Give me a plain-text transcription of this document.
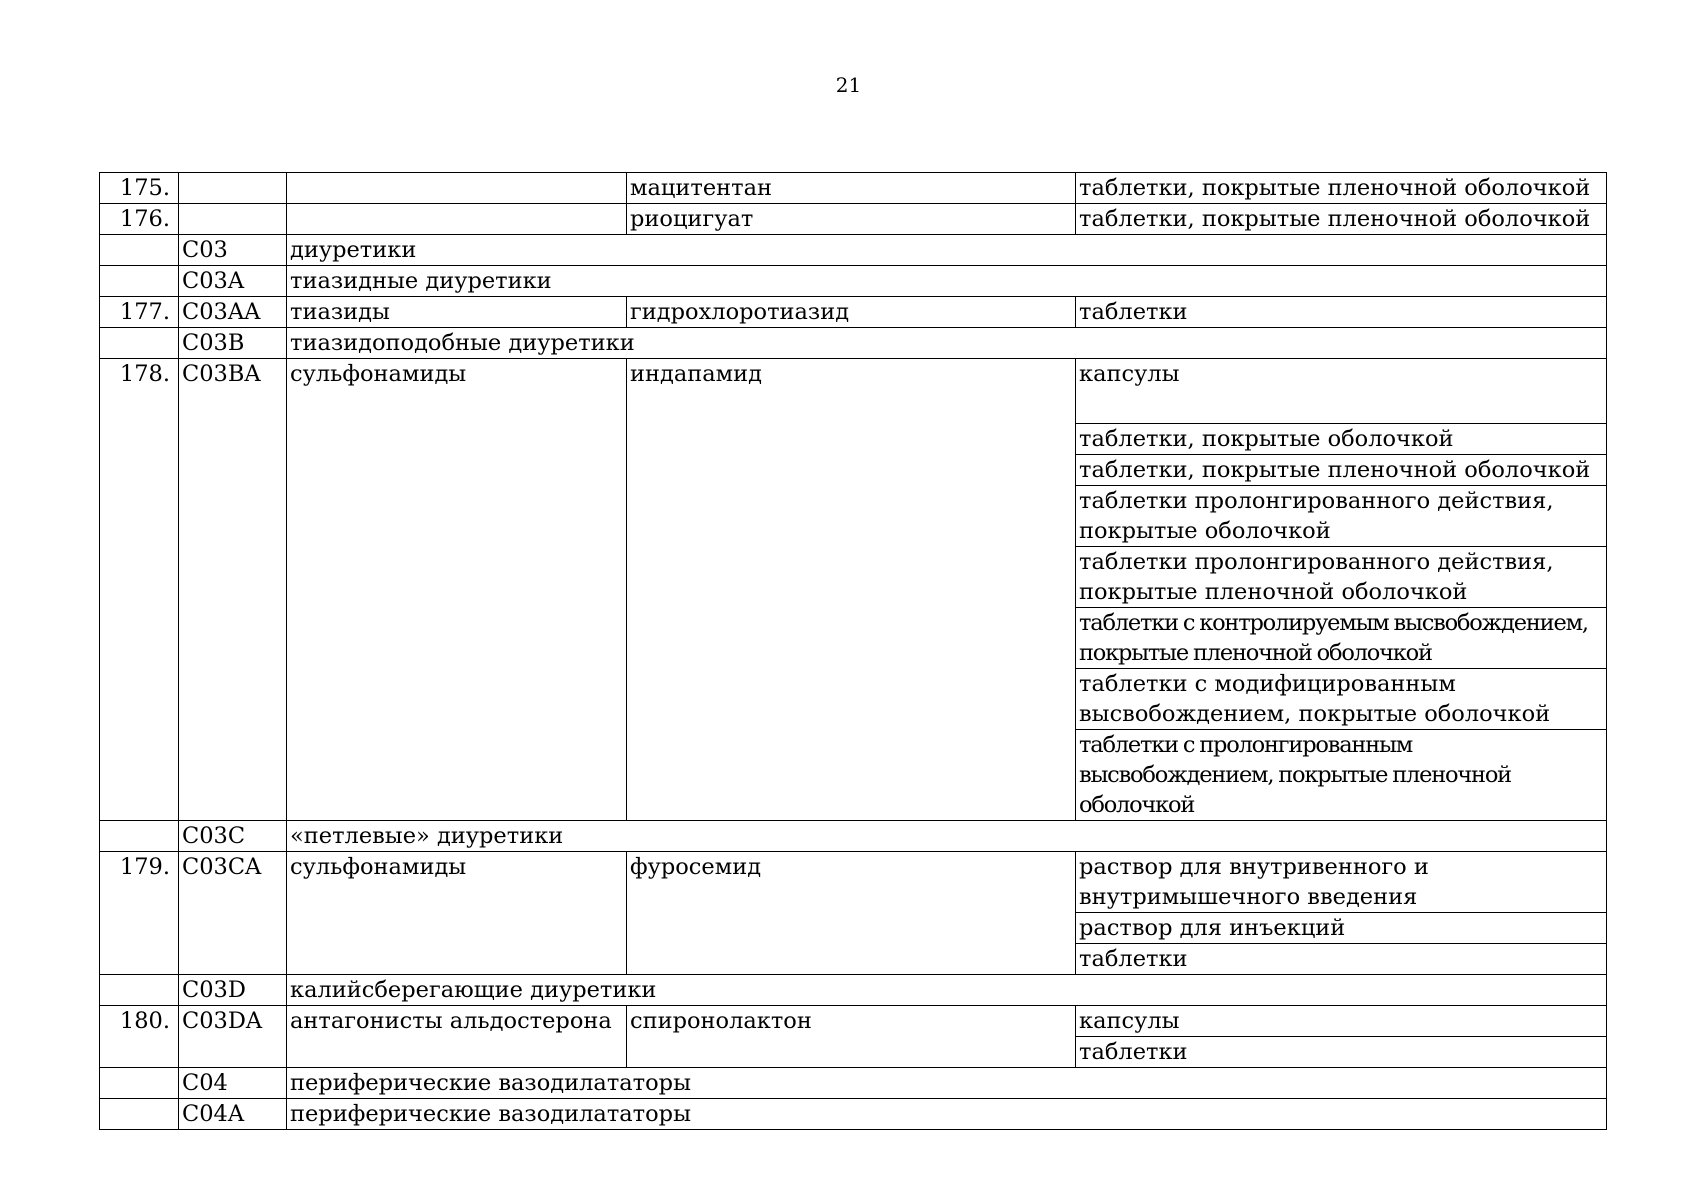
21
175.			мацитентан	таблетки, покрытые пленочной оболочкой
176.			риоцигуат	таблетки, покрытые пленочной оболочкой
	C03	диуретики		
	C03A	тиазидные диуретики		
177.	C03AA	тиазиды	гидрохлоротиазид	таблетки
	C03B	тиазидоподобные диуретики		
178.	C03BA	сульфонамиды	индапамид	капсулы
				таблетки, покрытые оболочкой
				таблетки, покрытые пленочной оболочкой
				таблетки пролонгированного действия, покрытые оболочкой
				таблетки пролонгированного действия, покрытые пленочной оболочкой
				таблетки с контролируемым высвобождением, покрытые пленочной оболочкой
				таблетки с модифицированным высвобождением, покрытые оболочкой
				таблетки с пролонгированным высвобождением, покрытые пленочной оболочкой
	C03C	«петлевые» диуретики		
179.	C03CA	сульфонамиды	фуросемид	раствор для внутривенного и внутримышечного введения
				раствор для инъекций
				таблетки
	C03D	калийсберегающие диуретики		
180.	C03DA	антагонисты альдостерона	спиронолактон	капсулы
				таблетки
	C04	периферические вазодилататоры		
	C04A	периферические вазодилататоры		
